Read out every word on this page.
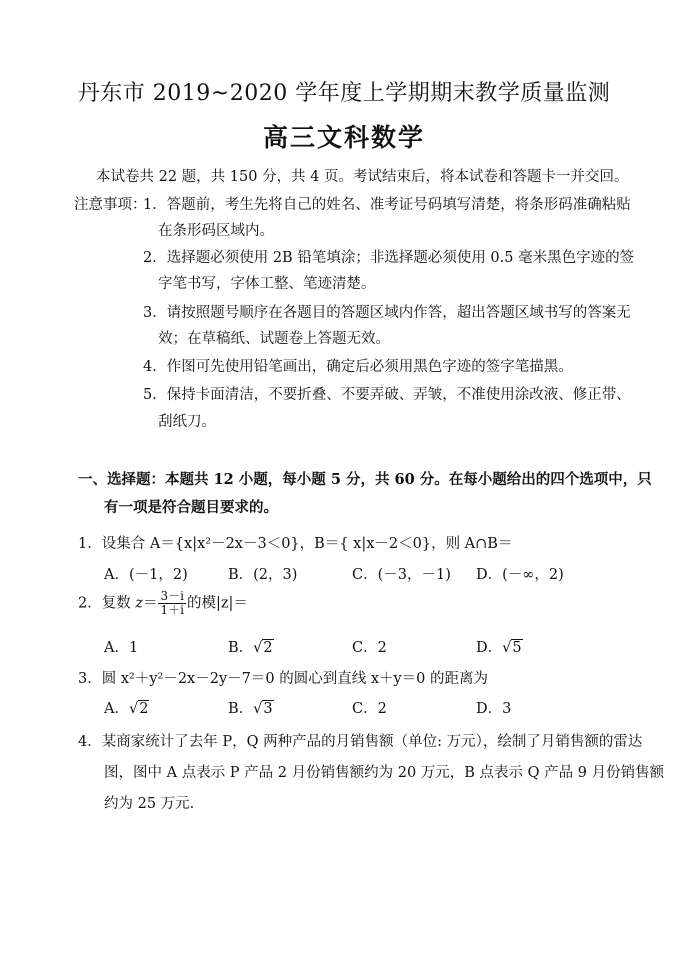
丹东市 2019~2020 学年度上学期期末教学质量监测
高三文科数学
本试卷共 22 题，共 150 分，共 4 页。考试结束后，将本试卷和答题卡一并交回。
注意事项：
1．答题前，考生先将自己的姓名、准考证号码填写清楚，将条形码准确粘贴
在条形码区域内。
2．选择题必须使用 2B 铅笔填涂；非选择题必须使用 0.5 毫米黑色字迹的签
字笔书写，字体工整、笔迹清楚。
3．请按照题号顺序在各题目的答题区域内作答，超出答题区域书写的答案无
效；在草稿纸、试题卷上答题无效。
4．作图可先使用铅笔画出，确定后必须用黑色字迹的签字笔描黑。
5．保持卡面清洁，不要折叠、不要弄破、弄皱，不准使用涂改液、修正带、
刮纸刀。
一、选择题：本题共 12 小题，每小题 5 分，共 60 分。在每小题给出的四个选项中，只
有一项是符合题目要求的。
1．设集合 A＝{x|x²－2x－3＜0}，B＝{ x|x－2＜0}，则 A∩B＝
A．(－1，2)	B．(2，3)	C．(－3，－1) D．(－∞，2)
2．复数 $z= \frac{3-i}{1+i}$ 的模|z|＝
A．1	B．√2	C．2	D．√5
3．圆 x²＋y²－2x－2y－7＝0 的圆心到直线 x＋y＝0 的距离为
A．√2	B．√3	C．2	D．3
4．某商家统计了去年 P，Q 两种产品的月销售额（单位: 万元），绘制了月销售额的雷达
图，图中 A 点表示 P 产品 2 月份销售额约为 20 万元，B 点表示 Q 产品 9 月份销售额
约为 25 万元.
